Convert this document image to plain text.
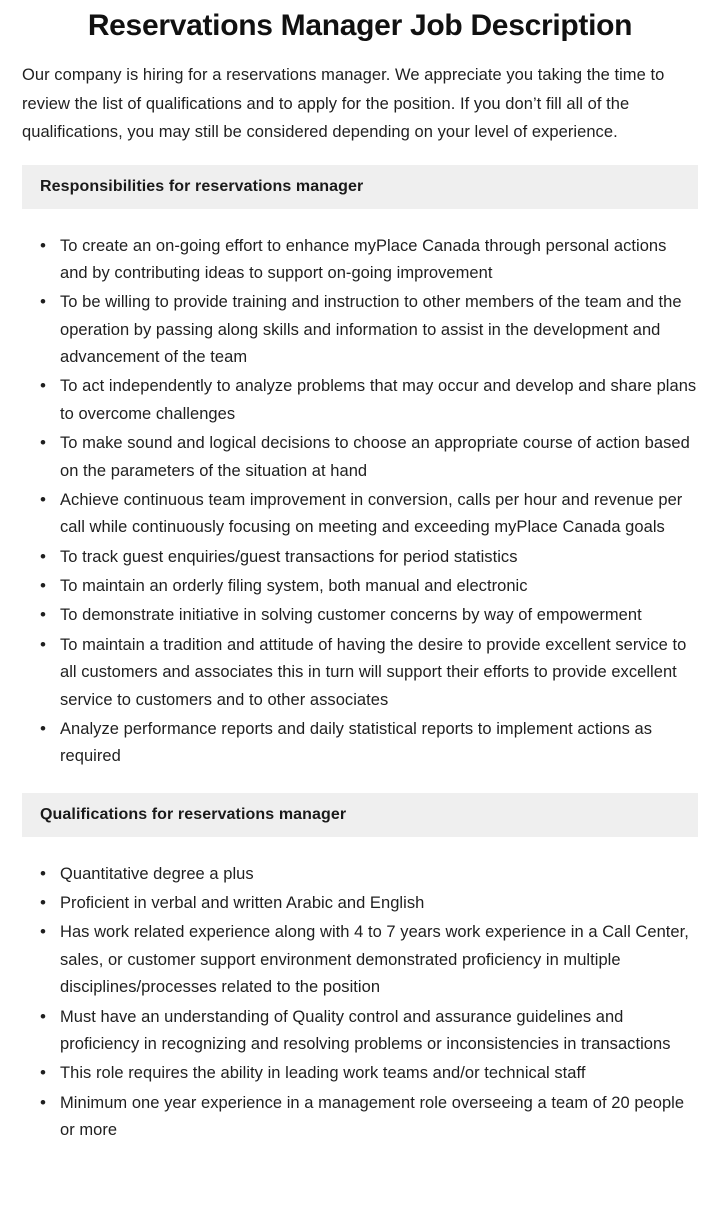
Reservations Manager Job Description

Our company is hiring for a reservations manager. We appreciate you taking the time to review the list of qualifications and to apply for the position. If you don’t fill all of the qualifications, you may still be considered depending on your level of experience.

Responsibilities for reservations manager
• To create an on-going effort to enhance myPlace Canada through personal actions and by contributing ideas to support on-going improvement
• To be willing to provide training and instruction to other members of the team and the operation by passing along skills and information to assist in the development and advancement of the team
• To act independently to analyze problems that may occur and develop and share plans to overcome challenges
• To make sound and logical decisions to choose an appropriate course of action based on the parameters of the situation at hand
• Achieve continuous team improvement in conversion, calls per hour and revenue per call while continuously focusing on meeting and exceeding myPlace Canada goals
• To track guest enquiries/guest transactions for period statistics
• To maintain an orderly filing system, both manual and electronic
• To demonstrate initiative in solving customer concerns by way of empowerment
• To maintain a tradition and attitude of having the desire to provide excellent service to all customers and associates this in turn will support their efforts to provide excellent service to customers and to other associates
• Analyze performance reports and daily statistical reports to implement actions as required
Qualifications for reservations manager
• Quantitative degree a plus
• Proficient in verbal and written Arabic and English
• Has work related experience along with 4 to 7 years work experience in a Call Center, sales, or customer support environment demonstrated proficiency in multiple disciplines/processes related to the position
• Must have an understanding of Quality control and assurance guidelines and proficiency in recognizing and resolving problems or inconsistencies in transactions
• This role requires the ability in leading work teams and/or technical staff
• Minimum one year experience in a management role overseeing a team of 20 people or more
